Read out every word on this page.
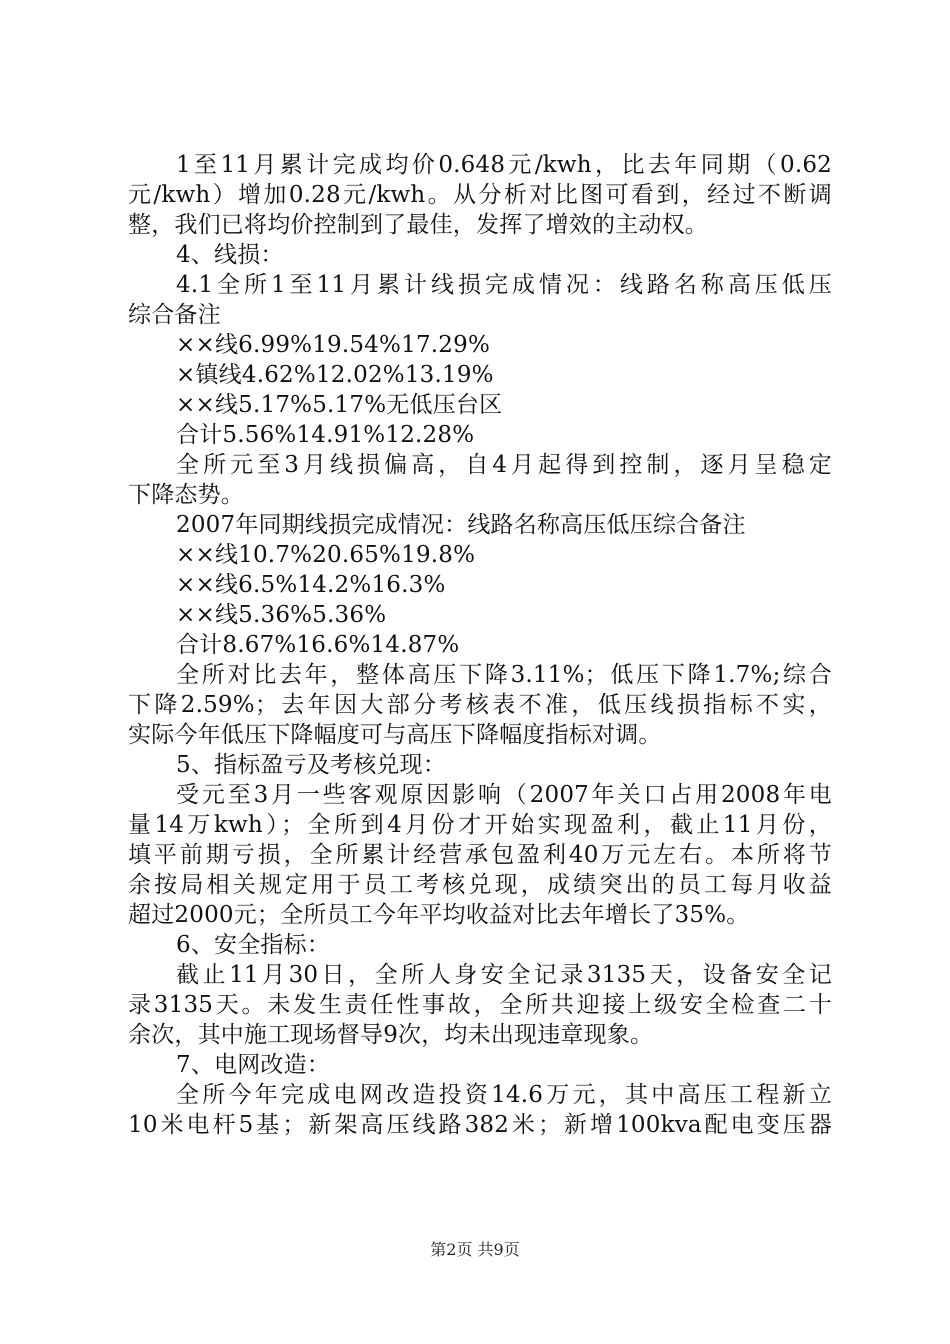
1至11月累计完成均价0.648元/kwh，比去年同期（0.62
元/kwh）增加0.28元/kwh。从分析对比图可看到，经过不断调
整，我们已将均价控制到了最佳，发挥了增效的主动权。
4、线损：
4.1全所1至11月累计线损完成情况：线路名称高压低压
综合备注
××线6.99%19.54%17.29%
×镇线4.62%12.02%13.19%
××线5.17%5.17%无低压台区
合计5.56%14.91%12.28%
全所元至3月线损偏高，自4月起得到控制，逐月呈稳定
下降态势。
2007年同期线损完成情况：线路名称高压低压综合备注
××线10.7%20.65%19.8%
××线6.5%14.2%16.3%
××线5.36%5.36%
合计8.67%16.6%14.87%
全所对比去年，整体高压下降3.11%；低压下降1.7%;综合
下降2.59%；去年因大部分考核表不准，低压线损指标不实，
实际今年低压下降幅度可与高压下降幅度指标对调。
5、指标盈亏及考核兑现：
受元至3月一些客观原因影响（2007年关口占用2008年电
量14万kwh）；全所到4月份才开始实现盈利，截止11月份，
填平前期亏损，全所累计经营承包盈利40万元左右。本所将节
余按局相关规定用于员工考核兑现，成绩突出的员工每月收益
超过2000元；全所员工今年平均收益对比去年增长了35%。
6、安全指标：
截止11月30日，全所人身安全记录3135天，设备安全记
录3135天。未发生责任性事故，全所共迎接上级安全检查二十
余次，其中施工现场督导9次，均未出现违章现象。
7、电网改造：
全所今年完成电网改造投资14.6万元，其中高压工程新立
10米电杆5基；新架高压线路382米；新增100kva配电变压器
第2页 共9页
